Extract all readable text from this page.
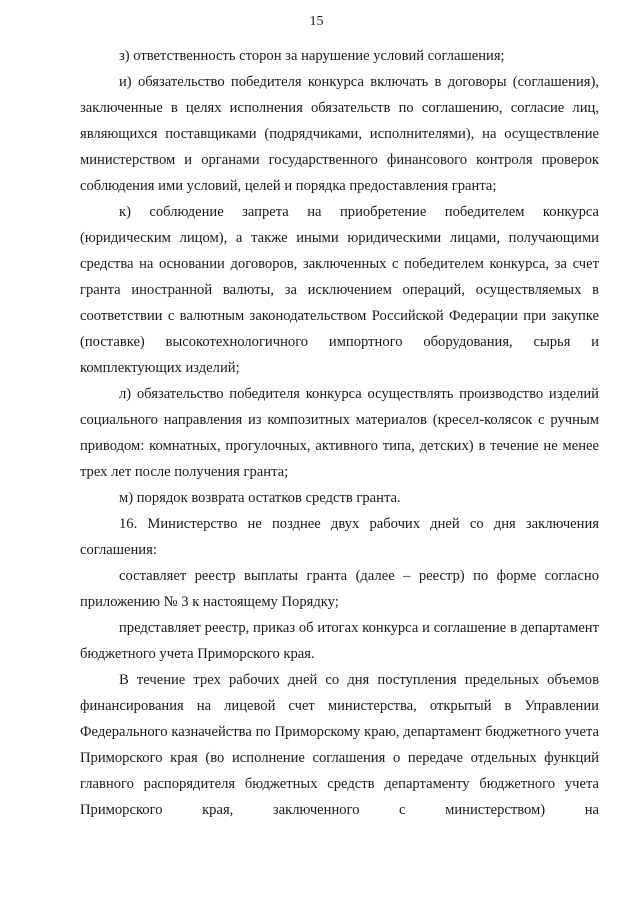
15

з) ответственность сторон за нарушение условий соглашения;

и) обязательство победителя конкурса включать в договоры (соглашения), заключенные в целях исполнения обязательств по соглашению, согласие лиц, являющихся поставщиками (подрядчиками, исполнителями), на осуществление министерством и органами государственного финансового контроля проверок соблюдения ими условий, целей и порядка предоставления гранта;

к) соблюдение запрета на приобретение победителем конкурса (юридическим лицом), а также иными юридическими лицами, получающими средства на основании договоров, заключенных с победителем конкурса, за счет гранта иностранной валюты, за исключением операций, осуществляемых в соответствии с валютным законодательством Российской Федерации при закупке (поставке) высокотехнологичного импортного оборудования, сырья и комплектующих изделий;

л) обязательство победителя конкурса осуществлять производство изделий социального направления из композитных материалов (кресел-колясок с ручным приводом: комнатных, прогулочных, активного типа, детских) в течение не менее трех лет после получения гранта;

м) порядок возврата остатков средств гранта.

16. Министерство не позднее двух рабочих дней со дня заключения соглашения:

составляет реестр выплаты гранта (далее – реестр) по форме согласно приложению № 3 к настоящему Порядку;

представляет реестр, приказ об итогах конкурса и соглашение в департамент бюджетного учета Приморского края.

В течение трех рабочих дней со дня поступления предельных объемов финансирования на лицевой счет министерства, открытый в Управлении Федерального казначейства по Приморскому краю, департамент бюджетного учета Приморского края (во исполнение соглашения о передаче отдельных функций главного распорядителя бюджетных средств департаменту бюджетного учета Приморского края, заключенного с министерством) на
